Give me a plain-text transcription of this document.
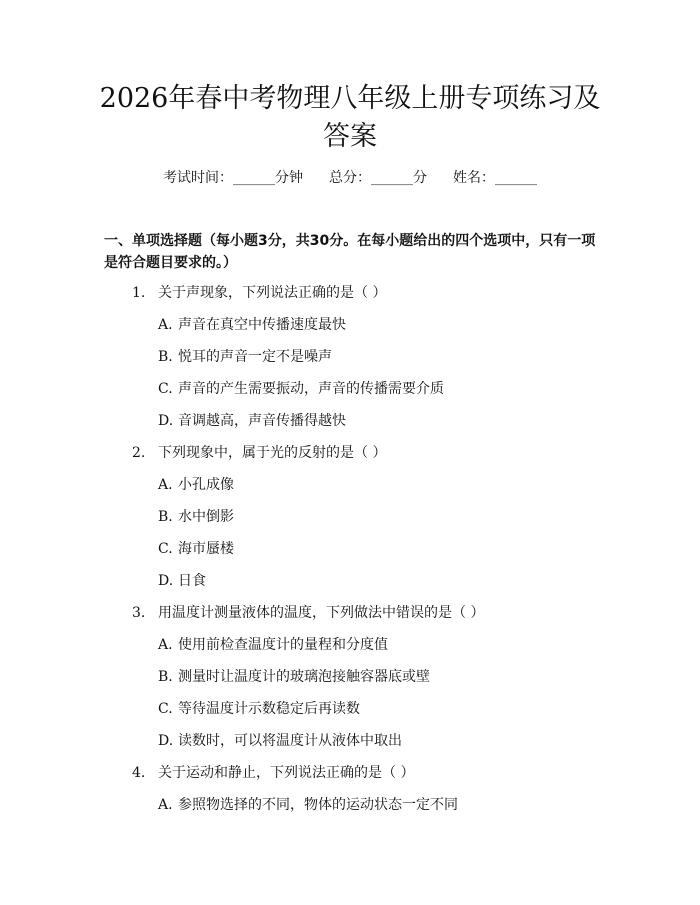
2026年春中考物理八年级上册专项练习及答案
考试时间：______分钟 总分：______分 姓名：______
一、单项选择题（每小题3分，共30分。在每小题给出的四个选项中，只有一项是符合题目要求的。）
1. 关于声现象，下列说法正确的是（ ）
A. 声音在真空中传播速度最快
B. 悦耳的声音一定不是噪声
C. 声音的产生需要振动，声音的传播需要介质
D. 音调越高，声音传播得越快
2. 下列现象中，属于光的反射的是（ ）
A. 小孔成像
B. 水中倒影
C. 海市蜃楼
D. 日食
3. 用温度计测量液体的温度，下列做法中错误的是（ ）
A. 使用前检查温度计的量程和分度值
B. 测量时让温度计的玻璃泡接触容器底或壁
C. 等待温度计示数稳定后再读数
D. 读数时，可以将温度计从液体中取出
4. 关于运动和静止，下列说法正确的是（ ）
A. 参照物选择的不同，物体的运动状态一定不同
